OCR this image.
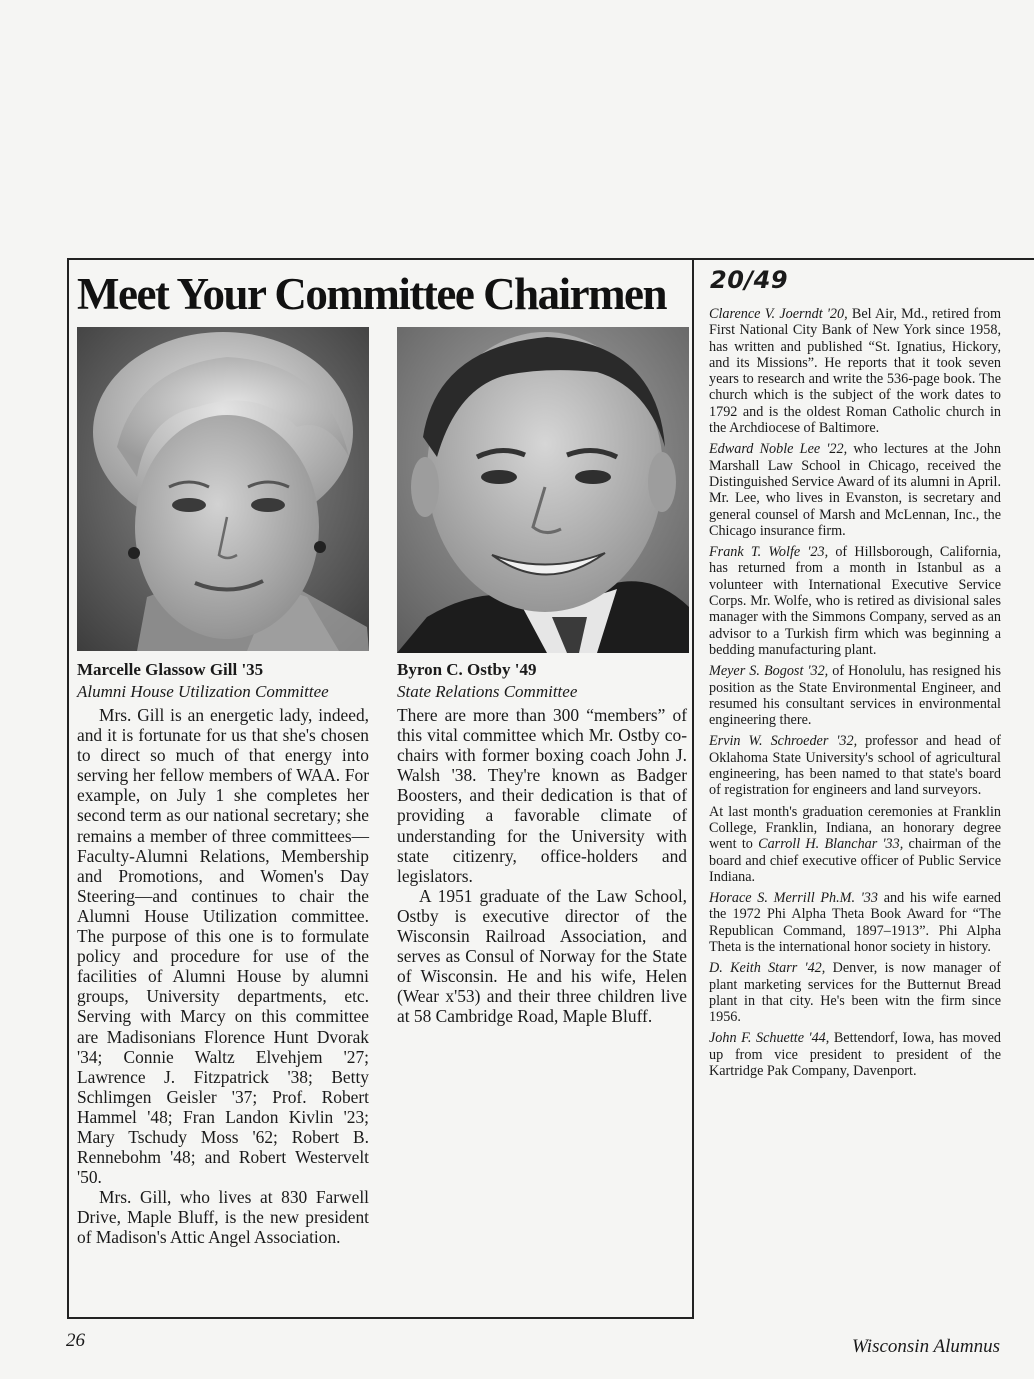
Meet Your Committee Chairmen
Marcelle Glassow Gill '35
Alumni House Utilization Committee
Byron C. Ostby '49
State Relations Committee

Mrs. Gill is an energetic lady, indeed, and it is fortunate for us that she's chosen to direct so much of that energy into serving her fellow members of WAA. For example, on July 1 she completes her second term as our national secretary; she remains a member of three committees—Faculty-Alumni Relations, Membership and Promotions, and Women's Day Steering—and continues to chair the Alumni House Utilization committee. The purpose of this one is to formulate policy and procedure for use of the facilities of Alumni House by alumni groups, University departments, etc. Serving with Marcy on this committee are Madisonians Florence Hunt Dvorak '34; Connie Waltz Elvehjem '27; Lawrence J. Fitzpatrick '38; Betty Schlimgen Geisler '37; Prof. Robert Hammel '48; Fran Landon Kivlin '23; Mary Tschudy Moss '62; Robert B. Rennebohm '48; and Robert Westervelt '50.

Mrs. Gill, who lives at 830 Farwell Drive, Maple Bluff, is the new president of Madison's Attic Angel Association.

There are more than 300 “members” of this vital committee which Mr. Ostby co-chairs with former boxing coach John J. Walsh '38. They're known as Badger Boosters, and their dedication is that of providing a favorable climate of understanding for the University with state citizenry, office-holders and legislators.

A 1951 graduate of the Law School, Ostby is executive director of the Wisconsin Railroad Association, and serves as Consul of Norway for the State of Wisconsin. He and his wife, Helen (Wear x'53) and their three children live at 58 Cambridge Road, Maple Bluff.

20/49

Clarence V. Joerndt '20, Bel Air, Md., retired from First National City Bank of New York since 1958, has written and published “St. Ignatius, Hickory, and its Missions”. He reports that it took seven years to research and write the 536-page book. The church which is the subject of the work dates to 1792 and is the oldest Roman Catholic church in the Archdiocese of Baltimore.

Edward Noble Lee '22, who lectures at the John Marshall Law School in Chicago, received the Distinguished Service Award of its alumni in April. Mr. Lee, who lives in Evanston, is secretary and general counsel of Marsh and McLennan, Inc., the Chicago insurance firm.

Frank T. Wolfe '23, of Hillsborough, California, has returned from a month in Istanbul as a volunteer with International Executive Service Corps. Mr. Wolfe, who is retired as divisional sales manager with the Simmons Company, served as an advisor to a Turkish firm which was beginning a bedding manufacturing plant.

Meyer S. Bogost '32, of Honolulu, has resigned his position as the State Environmental Engineer, and resumed his consultant services in environmental engineering there.

Ervin W. Schroeder '32, professor and head of Oklahoma State University's school of agricultural engineering, has been named to that state's board of registration for engineers and land surveyors.

At last month's graduation ceremonies at Franklin College, Franklin, Indiana, an honorary degree went to Carroll H. Blanchar '33, chairman of the board and chief executive officer of Public Service Indiana.

Horace S. Merrill Ph.M. '33 and his wife earned the 1972 Phi Alpha Theta Book Award for “The Republican Command, 1897–1913”. Phi Alpha Theta is the international honor society in history.

D. Keith Starr '42, Denver, is now manager of plant marketing services for the Butternut Bread plant in that city. He's been witn the firm since 1956.

John F. Schuette '44, Bettendorf, Iowa, has moved up from vice president to president of the Kartridge Pak Company, Davenport.

26	Wisconsin Alumnus
